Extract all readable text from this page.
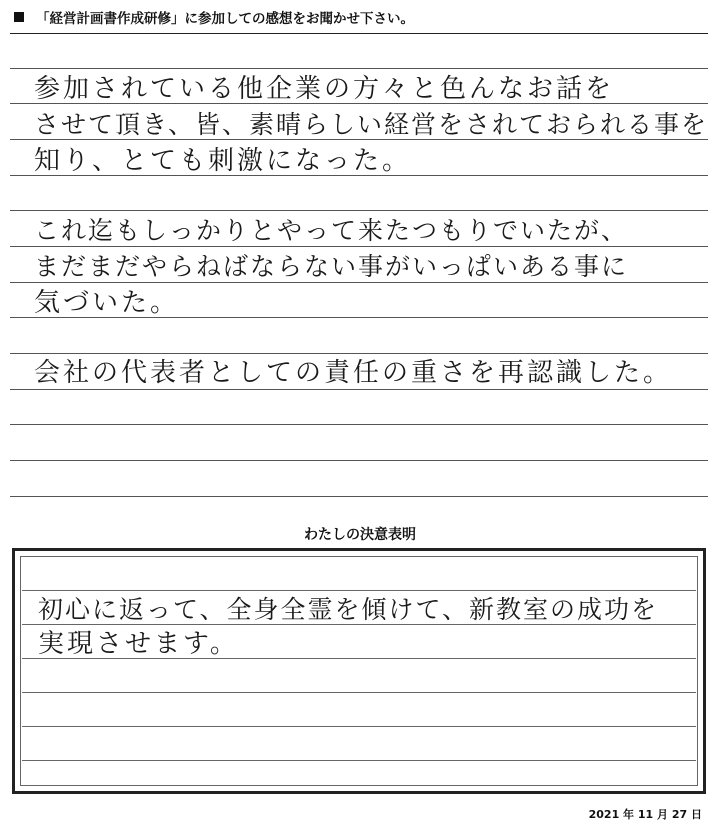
「経営計画書作成研修」に参加しての感想をお聞かせ下さい。
参加されている他企業の方々と色んなお話を
させて頂き、皆、素晴らしい経営をされておられる事を
知り、とても刺激になった。
これ迄もしっかりとやって来たつもりでいたが、
まだまだやらねばならない事がいっぱいある事に
気づいた。
会社の代表者としての責任の重さを再認識した。
わたしの決意表明
初心に返って、全身全霊を傾けて、新教室の成功を
実現させます。
2021 年 11 月 27 日
